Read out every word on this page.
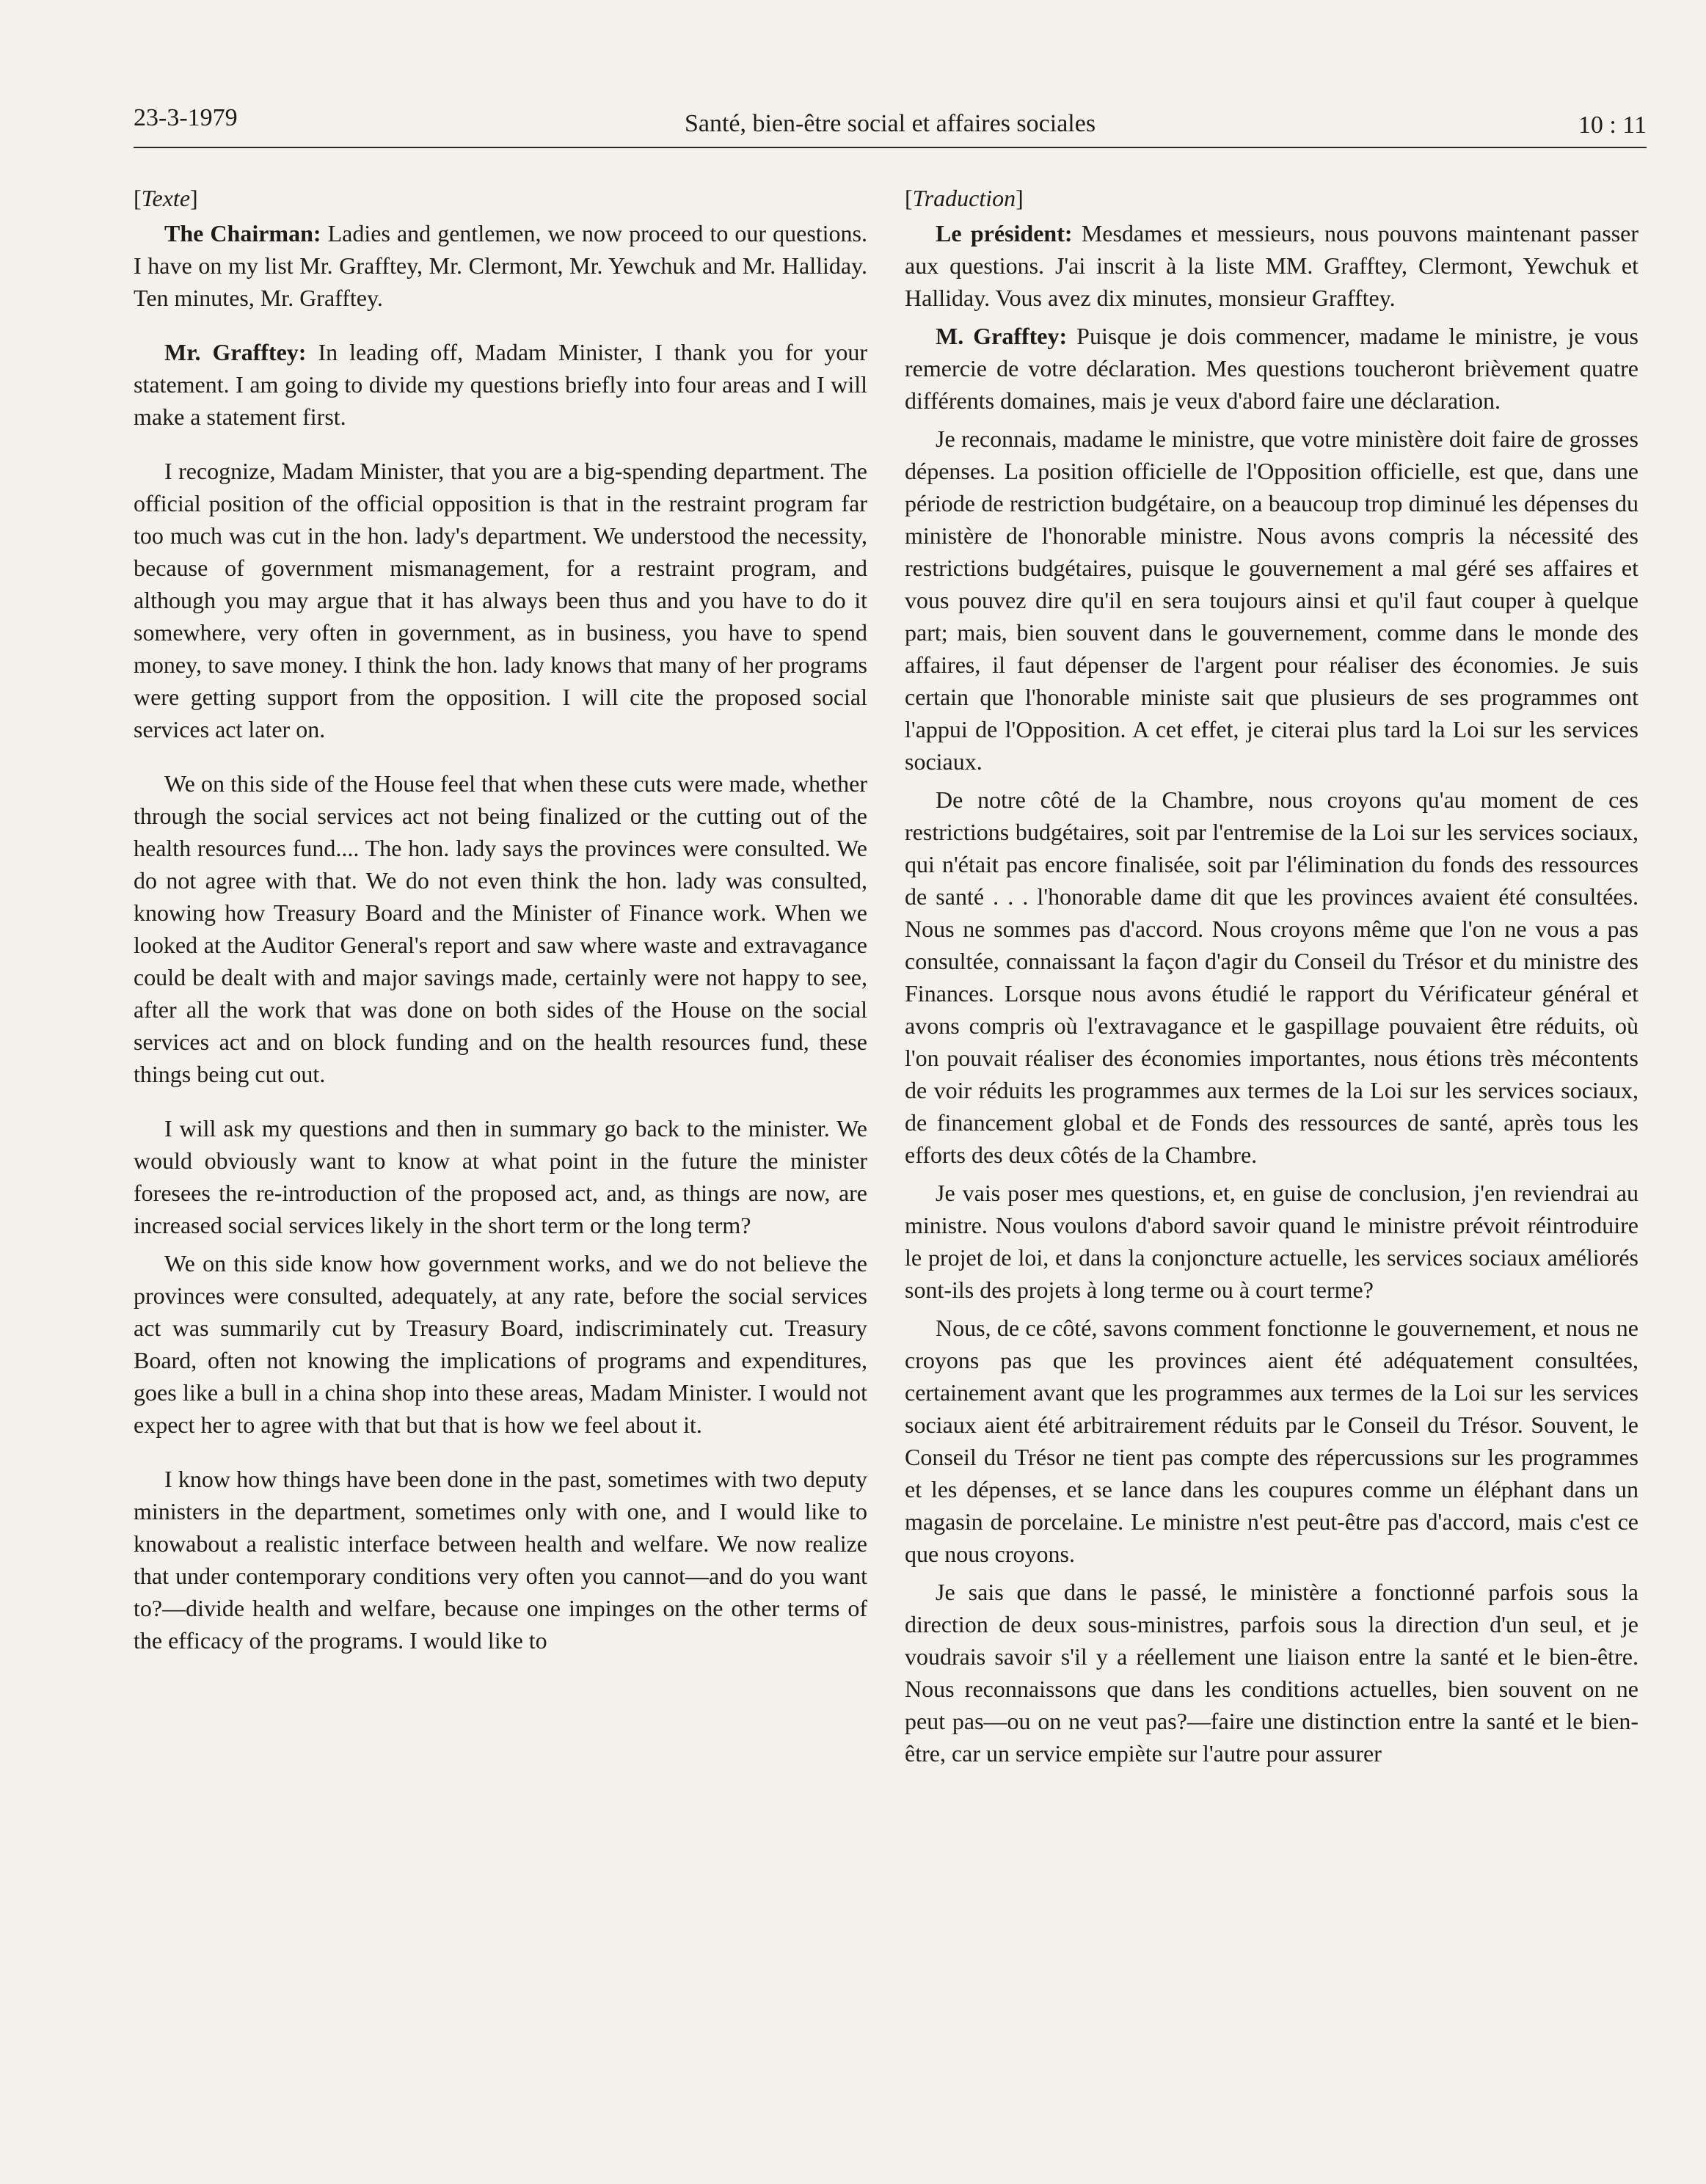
23-3-1979	Santé, bien-être social et affaires sociales	10 : 11

[Texte]

The Chairman: Ladies and gentlemen, we now proceed to our questions. I have on my list Mr. Grafftey, Mr. Clermont, Mr. Yewchuk and Mr. Halliday. Ten minutes, Mr. Grafftey.

Mr. Grafftey: In leading off, Madam Minister, I thank you for your statement. I am going to divide my questions briefly into four areas and I will make a statement first.

I recognize, Madam Minister, that you are a big-spending department. The official position of the official opposition is that in the restraint program far too much was cut in the hon. lady's department. We understood the necessity, because of government mismanagement, for a restraint program, and although you may argue that it has always been thus and you have to do it somewhere, very often in government, as in business, you have to spend money, to save money. I think the hon. lady knows that many of her programs were getting support from the opposition. I will cite the proposed social services act later on.

We on this side of the House feel that when these cuts were made, whether through the social services act not being finalized or the cutting out of the health resources fund.... The hon. lady says the provinces were consulted. We do not agree with that. We do not even think the hon. lady was consulted, knowing how Treasury Board and the Minister of Finance work. When we looked at the Auditor General's report and saw where waste and extravagance could be dealt with and major savings made, certainly were not happy to see, after all the work that was done on both sides of the House on the social services act and on block funding and on the health resources fund, these things being cut out.

I will ask my questions and then in summary go back to the minister. We would obviously want to know at what point in the future the minister foresees the re-introduction of the proposed act, and, as things are now, are increased social services likely in the short term or the long term?

We on this side know how government works, and we do not believe the provinces were consulted, adequately, at any rate, before the social services act was summarily cut by Treasury Board, indiscriminately cut. Treasury Board, often not knowing the implications of programs and expenditures, goes like a bull in a china shop into these areas, Madam Minister. I would not expect her to agree with that but that is how we feel about it.

I know how things have been done in the past, sometimes with two deputy ministers in the department, sometimes only with one, and I would like to knowabout a realistic interface between health and welfare. We now realize that under contemporary conditions very often you cannot—and do you want to?—divide health and welfare, because one impinges on the other terms of the efficacy of the programs. I would like to

[Traduction]

Le président: Mesdames et messieurs, nous pouvons maintenant passer aux questions. J'ai inscrit à la liste MM. Grafftey, Clermont, Yewchuk et Halliday. Vous avez dix minutes, monsieur Grafftey.

M. Grafftey: Puisque je dois commencer, madame le ministre, je vous remercie de votre déclaration. Mes questions toucheront brièvement quatre différents domaines, mais je veux d'abord faire une déclaration.

Je reconnais, madame le ministre, que votre ministère doit faire de grosses dépenses. La position officielle de l'Opposition officielle, est que, dans une période de restriction budgétaire, on a beaucoup trop diminué les dépenses du ministère de l'honorable ministre. Nous avons compris la nécessité des restrictions budgétaires, puisque le gouvernement a mal géré ses affaires et vous pouvez dire qu'il en sera toujours ainsi et qu'il faut couper à quelque part; mais, bien souvent dans le gouvernement, comme dans le monde des affaires, il faut dépenser de l'argent pour réaliser des économies. Je suis certain que l'honorable ministe sait que plusieurs de ses programmes ont l'appui de l'Opposition. A cet effet, je citerai plus tard la Loi sur les services sociaux.

De notre côté de la Chambre, nous croyons qu'au moment de ces restrictions budgétaires, soit par l'entremise de la Loi sur les services sociaux, qui n'était pas encore finalisée, soit par l'élimination du fonds des ressources de santé . . . l'honorable dame dit que les provinces avaient été consultées. Nous ne sommes pas d'accord. Nous croyons même que l'on ne vous a pas consultée, connaissant la façon d'agir du Conseil du Trésor et du ministre des Finances. Lorsque nous avons étudié le rapport du Vérificateur général et avons compris où l'extravagance et le gaspillage pouvaient être réduits, où l'on pouvait réaliser des économies importantes, nous étions très mécontents de voir réduits les programmes aux termes de la Loi sur les services sociaux, de financement global et de Fonds des ressources de santé, après tous les efforts des deux côtés de la Chambre.

Je vais poser mes questions, et, en guise de conclusion, j'en reviendrai au ministre. Nous voulons d'abord savoir quand le ministre prévoit réintroduire le projet de loi, et dans la conjoncture actuelle, les services sociaux améliorés sont-ils des projets à long terme ou à court terme?

Nous, de ce côté, savons comment fonctionne le gouvernement, et nous ne croyons pas que les provinces aient été adéquatement consultées, certainement avant que les programmes aux termes de la Loi sur les services sociaux aient été arbitrairement réduits par le Conseil du Trésor. Souvent, le Conseil du Trésor ne tient pas compte des répercussions sur les programmes et les dépenses, et se lance dans les coupures comme un éléphant dans un magasin de porcelaine. Le ministre n'est peut-être pas d'accord, mais c'est ce que nous croyons.

Je sais que dans le passé, le ministère a fonctionné parfois sous la direction de deux sous-ministres, parfois sous la direction d'un seul, et je voudrais savoir s'il y a réellement une liaison entre la santé et le bien-être. Nous reconnaissons que dans les conditions actuelles, bien souvent on ne peut pas—ou on ne veut pas?—faire une distinction entre la santé et le bien-être, car un service empiète sur l'autre pour assurer
